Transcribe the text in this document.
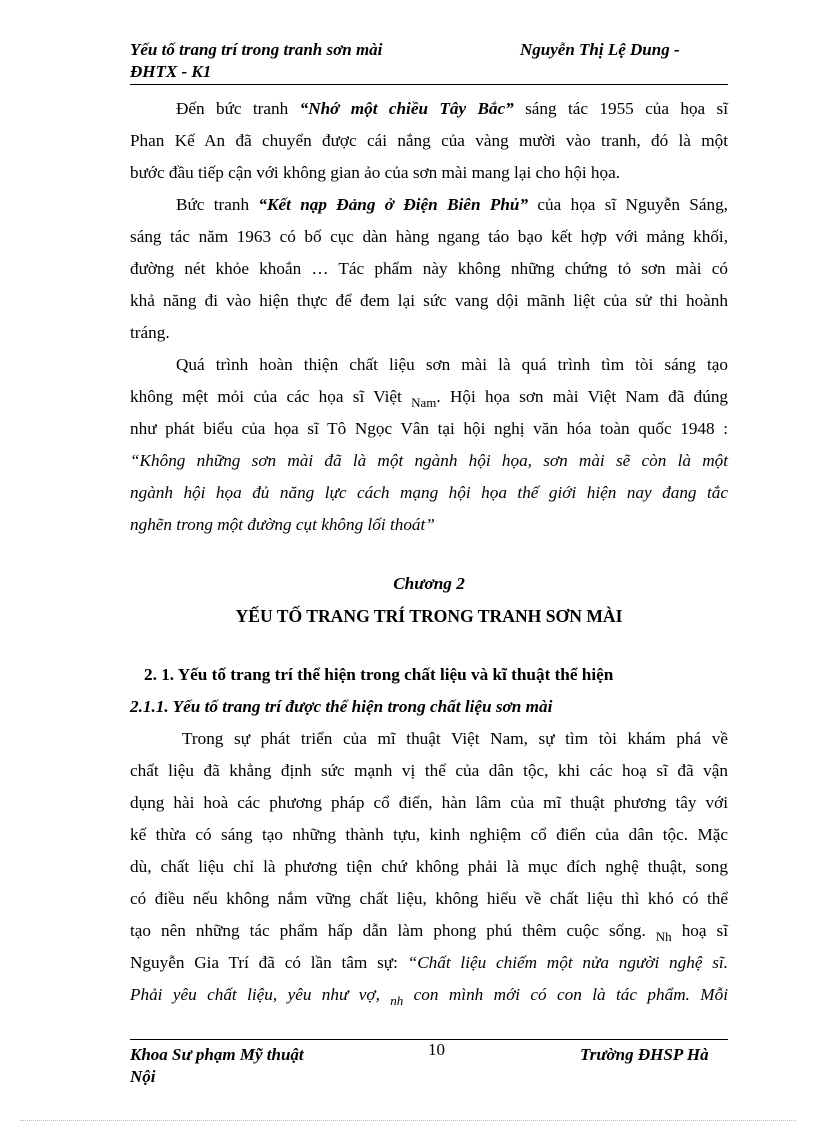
Yếu tố trang trí trong tranh sơn mài	Nguyễn Thị Lệ Dung -
ĐHTX - K1
Đến bức tranh “Nhớ một chiều Tây Bắc” sáng tác 1955 của họa sĩ
Phan Kế An đã chuyển được cái nắng của vàng mười vào tranh, đó là một
bước đầu tiếp cận với không gian ảo của sơn mài mang lại cho hội họa.
Bức tranh “Kết nạp Đảng ở Điện Biên Phủ” của họa sĩ Nguyễn Sáng,
sáng tác năm 1963 có bố cục dàn hàng ngang táo bạo kết hợp với mảng khối,
đường nét khỏe khoắn … Tác phẩm này không những chứng tỏ sơn mài có
khả năng đi vào hiện thực để đem lại sức vang dội mãnh liệt của sử thi hoành
tráng.
Quá trình hoàn thiện chất liệu sơn mài là quá trình tìm tòi sáng tạo
không mệt mỏi của các họa sĩ Việt $_{Nam}$. Hội họa sơn mài Việt Nam đã đúng
như phát biểu của họa sĩ Tô Ngọc Vân tại hội nghị văn hóa toàn quốc 1948 :
“Không những sơn mài đã là một ngành hội họa, sơn mài sẽ còn là một
ngành hội họa đủ năng lực cách mạng hội họa thế giới hiện nay đang tắc
nghẽn trong một đường cụt không lối thoát”
Chương 2
YẾU TỐ TRANG TRÍ TRONG TRANH SƠN MÀI
2. 1. Yếu tố trang trí thể hiện trong chất liệu và kĩ thuật thể hiện
2.1.1. Yếu tố trang trí được thể hiện trong chất liệu sơn mài
Trong sự phát triển của mĩ thuật Việt Nam, sự tìm tòi khám phá về
chất liệu đã khẳng định sức mạnh vị thế của dân tộc, khi các hoạ sĩ đã vận
dụng hài hoà các phương pháp cổ điển, hàn lâm của mĩ thuật phương tây với
kế thừa có sáng tạo những thành tựu, kinh nghiệm cổ điển của dân tộc. Mặc
dù, chất liệu chỉ là phương tiện chứ không phải là mục đích nghệ thuật, song
có điều nếu không nắm vững chất liệu, không hiểu về chất liệu thì khó có thể
tạo nên những tác phẩm hấp dẫn làm phong phú thêm cuộc sống. $_{Nh}$ hoạ sĩ
Nguyễn Gia Trí đã có lần tâm sự: “Chất liệu chiếm một nửa người nghệ sĩ.
Phải yêu chất liệu, yêu như vợ, $_{nh}$ con mình mới có con là tác phẩm. Mỗi
Khoa Sư phạm Mỹ thuật	10	Trường ĐHSP Hà
Nội
